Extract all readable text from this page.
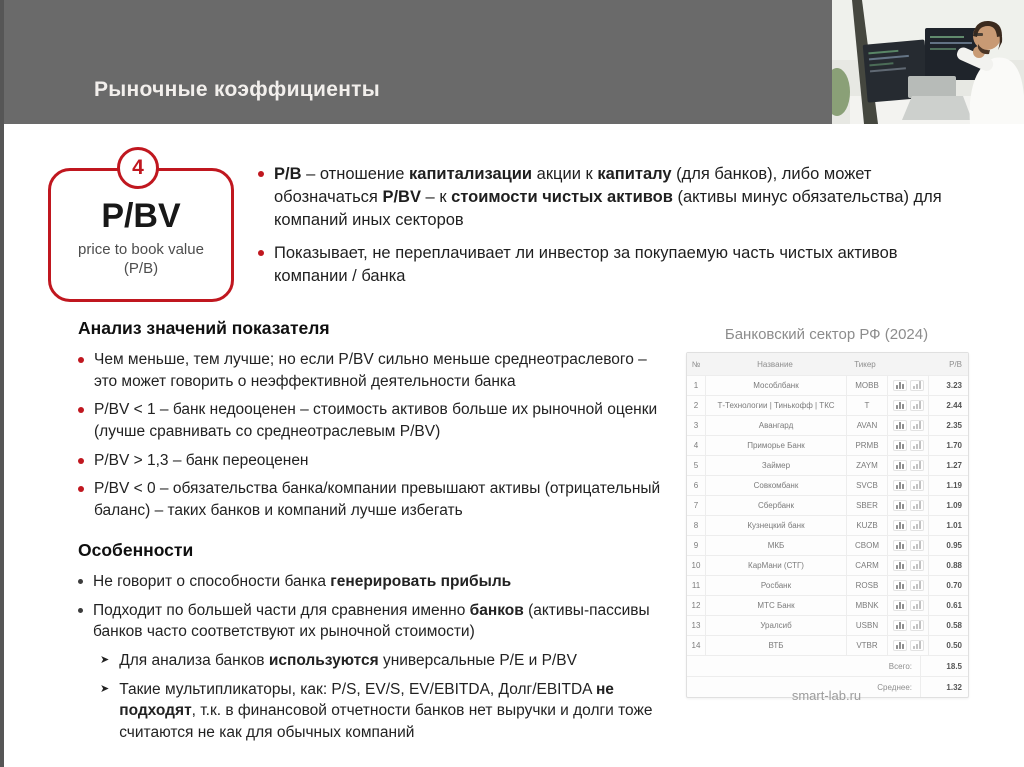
Рыночные коэффициенты
4
P/BV
price to book value
(P/B)
P/B – отношение капитализации акции к капиталу (для банков), либо может обозначаться P/BV – к стоимости чистых активов (активы минус обязательства) для компаний иных секторов
Показывает, не переплачивает ли инвестор за покупаемую часть чистых активов компании / банка
Анализ значений показателя
Чем меньше, тем лучше; но если P/BV сильно меньше среднеотраслевого – это может говорить о неэффективной деятельности банка
P/BV < 1 – банк недооценен – стоимость активов больше их рыночной оценки (лучше сравнивать со среднеотраслевым P/BV)
P/BV > 1,3 – банк переоценен
P/BV < 0 – обязательства банка/компании превышают активы (отрицательный баланс) – таких банков и компаний лучше избегать
Особенности
Не говорит о способности банка генерировать прибыль
Подходит по большей части для сравнения именно банков (активы-пассивы банков часто соответствуют их рыночной стоимости)
➤ Для анализа банков используются универсальные P/E и P/BV
➤ Такие мультипликаторы, как: P/S, EV/S, EV/EBITDA, Долг/EBITDA не подходят, т.к. в финансовой отчетности банков нет выручки и долги тоже считаются не как для обычных компаний
Банковский сектор РФ (2024)
№	Название	Тикер	P/B
1	Мособлбанк	MOBB	3.23
2	Т-Технологии | Тинькофф | ТКС	T	2.44
3	Авангард	AVAN	2.35
4	Приморье Банк	PRMB	1.70
5	Займер	ZAYM	1.27
6	Совкомбанк	SVCB	1.19
7	Сбербанк	SBER	1.09
8	Кузнецкий банк	KUZB	1.01
9	МКБ	CBOM	0.95
10	КарМани (СТГ)	CARM	0.88
11	Росбанк	ROSB	0.70
12	МТС Банк	MBNK	0.61
13	Уралсиб	USBN	0.58
14	ВТБ	VTBR	0.50
Всего:	18.5
Среднее:	1.32
smart-lab.ru
